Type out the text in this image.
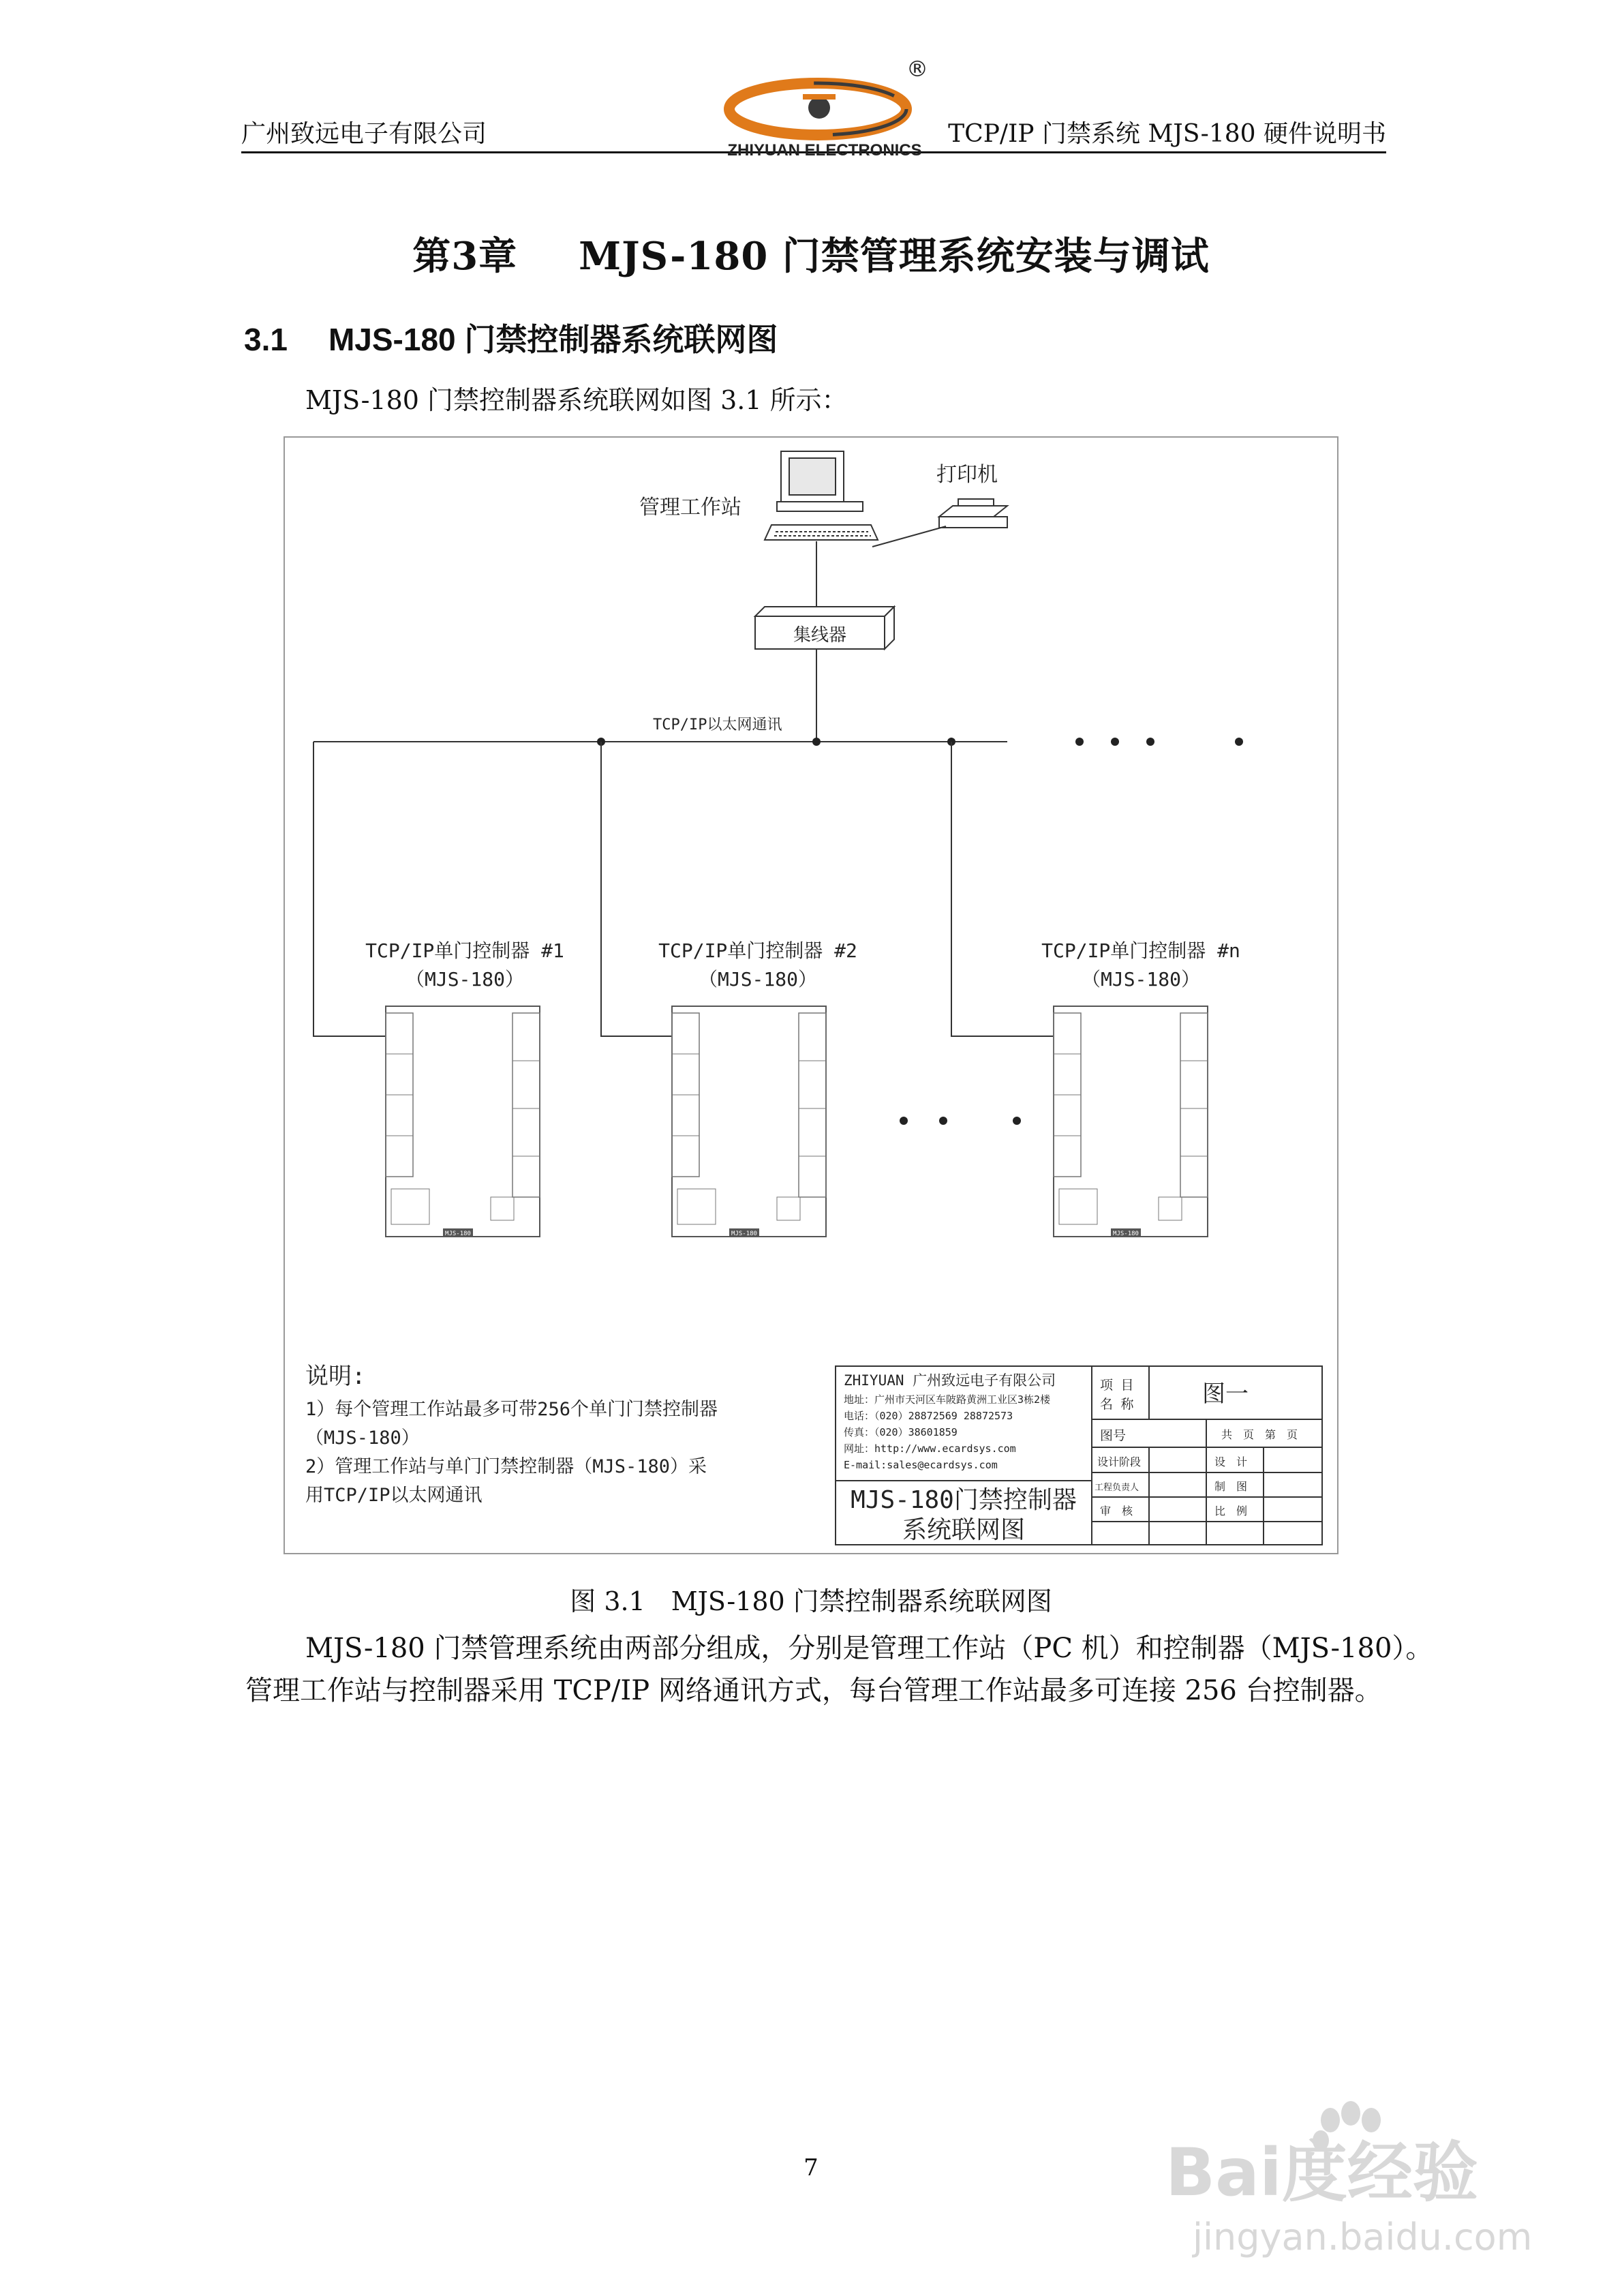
广州致远电子有限公司	TCP/IP 门禁系统 MJS-180 硬件说明书
®
ZHIYUAN ELECTRONICS
第3章 MJS-180 门禁管理系统安装与调试
3.1 MJS-180 门禁控制器系统联网图
MJS-180 门禁控制器系统联网如图 3.1 所示：
管理工作站
打印机
集线器
TCP/IP以太网通讯
TCP/IP单门控制器 #1
（MJS-180）
TCP/IP单门控制器 #2
（MJS-180）
TCP/IP单门控制器 #n
（MJS-180）
MJS-180	MJS-180	MJS-180
说明:
1）每个管理工作站最多可带256个单门门禁控制器
（MJS-180）
2）管理工作站与单门门禁控制器（MJS-180）采
用TCP/IP以太网通讯
ZHIYUAN 广州致远电子有限公司
地址：广州市天河区车陂路黄洲工业区3栋2楼
电话：（020）28872569 28872573
传真：（020）38601859
网址：http://www.ecardsys.com
E-mail:sales@ecardsys.com
MJS-180门禁控制器
系统联网图
项 目
名 称	图一
图号	共　页　第　页
设计阶段	设　计
工程负责人	制　图
审　核	比　例
图 3.1　MJS-180 门禁控制器系统联网图
MJS-180 门禁管理系统由两部分组成，分别是管理工作站（PC 机）和控制器（MJS-180）。
管理工作站与控制器采用 TCP/IP 网络通讯方式，每台管理工作站最多可连接 256 台控制器。
7	Bai度经验
jingyan.baidu.com
